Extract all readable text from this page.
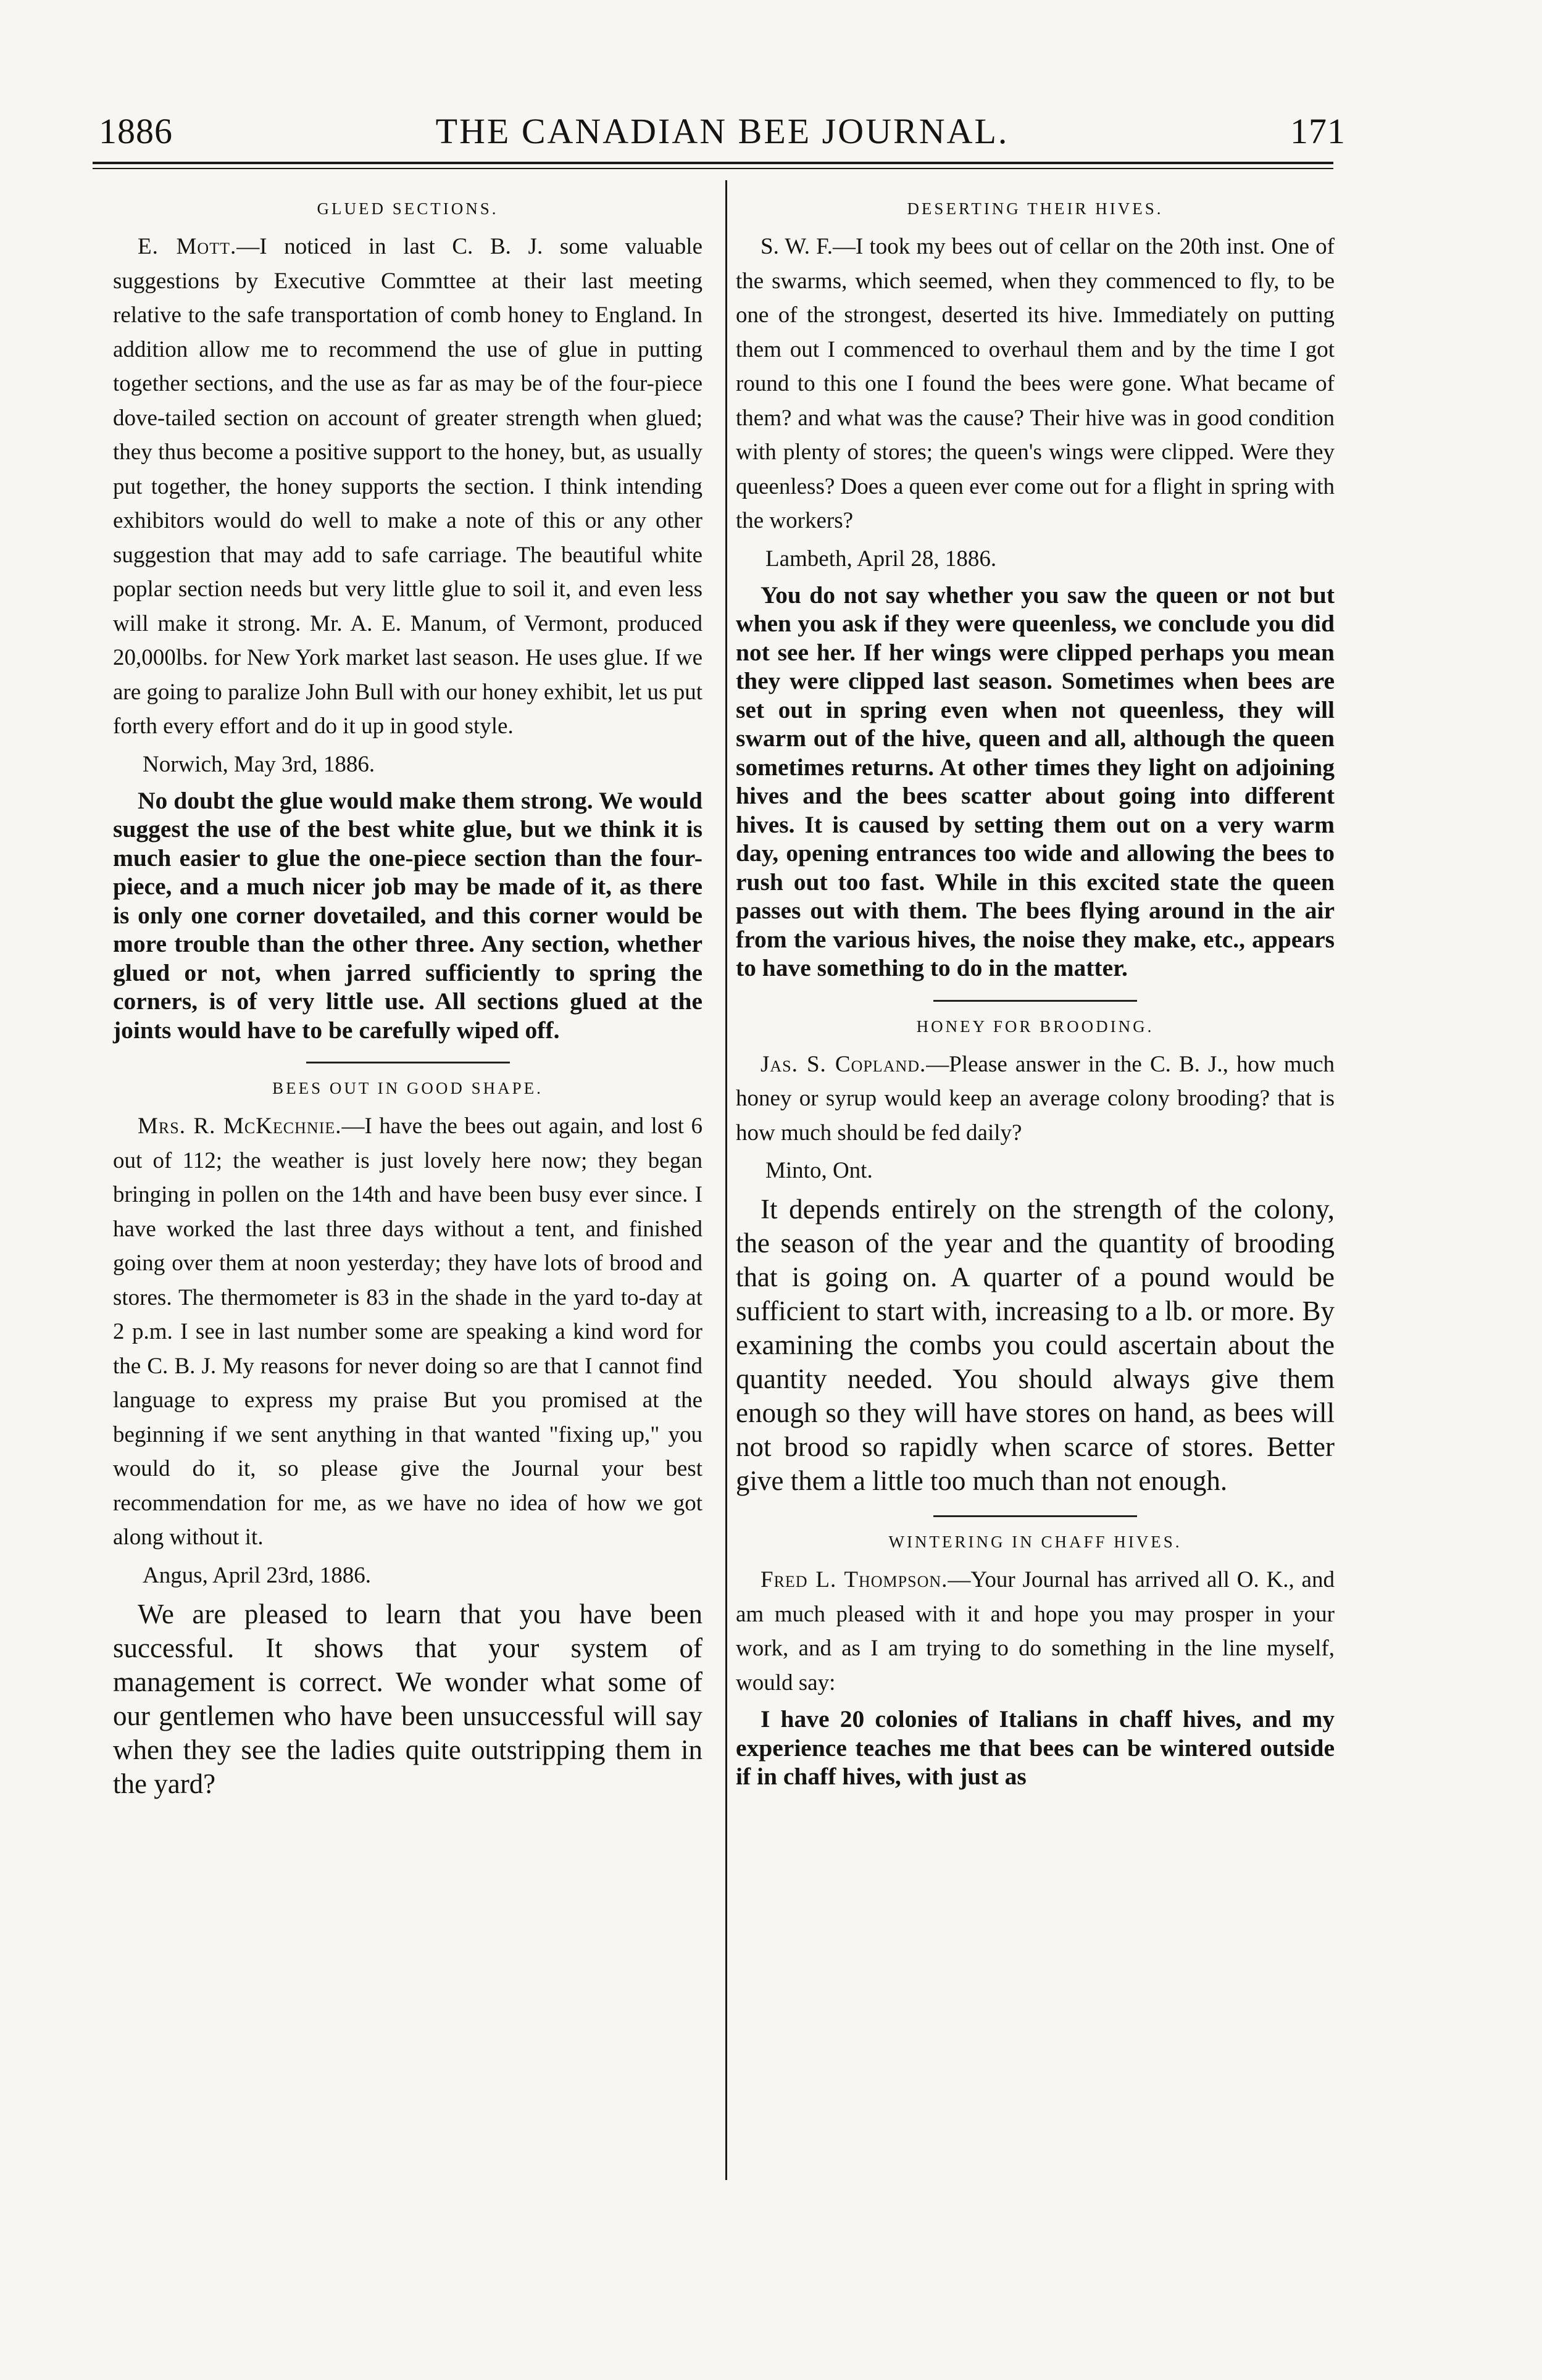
1886	THE CANADIAN BEE JOURNAL.	171
GLUED SECTIONS.

E. Mott.—I noticed in last C. B. J. some valuable suggestions by Executive Commttee at their last meeting relative to the safe transportation of comb honey to England. In addition allow me to recommend the use of glue in putting together sections, and the use as far as may be of the four-piece dove-tailed section on account of greater strength when glued; they thus become a positive support to the honey, but, as usually put together, the honey supports the section. I think intending exhibitors would do well to make a note of this or any other suggestion that may add to safe carriage. The beautiful white poplar section needs but very little glue to soil it, and even less will make it strong. Mr. A. E. Manum, of Vermont, produced 20,000lbs. for New York market last season. He uses glue. If we are going to paralize John Bull with our honey exhibit, let us put forth every effort and do it up in good style.

Norwich, May 3rd, 1886.

No doubt the glue would make them strong. We would suggest the use of the best white glue, but we think it is much easier to glue the one-piece section than the four-piece, and a much nicer job may be made of it, as there is only one corner dovetailed, and this corner would be more trouble than the other three. Any section, whether glued or not, when jarred sufficiently to spring the corners, is of very little use. All sections glued at the joints would have to be carefully wiped off.

BEES OUT IN GOOD SHAPE.

Mrs. R. McKechnie.—I have the bees out again, and lost 6 out of 112; the weather is just lovely here now; they began bringing in pollen on the 14th and have been busy ever since. I have worked the last three days without a tent, and finished going over them at noon yesterday; they have lots of brood and stores. The thermometer is 83 in the shade in the yard to-day at 2 p.m. I see in last number some are speaking a kind word for the C. B. J. My reasons for never doing so are that I cannot find language to express my praise But you promised at the beginning if we sent anything in that wanted "fixing up," you would do it, so please give the Journal your best recommendation for me, as we have no idea of how we got along without it.

Angus, April 23rd, 1886.

We are pleased to learn that you have been successful. It shows that your system of management is correct. We wonder what some of our gentlemen who have been unsuccessful will say when they see the ladies quite outstripping them in the yard?

DESERTING THEIR HIVES.

S. W. F.—I took my bees out of cellar on the 20th inst. One of the swarms, which seemed, when they commenced to fly, to be one of the strongest, deserted its hive. Immediately on putting them out I commenced to overhaul them and by the time I got round to this one I found the bees were gone. What became of them? and what was the cause? Their hive was in good condition with plenty of stores; the queen's wings were clipped. Were they queenless? Does a queen ever come out for a flight in spring with the workers?

Lambeth, April 28, 1886.

You do not say whether you saw the queen or not but when you ask if they were queenless, we conclude you did not see her. If her wings were clipped perhaps you mean they were clipped last season. Sometimes when bees are set out in spring even when not queenless, they will swarm out of the hive, queen and all, although the queen sometimes returns. At other times they light on adjoining hives and the bees scatter about going into different hives. It is caused by setting them out on a very warm day, opening entrances too wide and allowing the bees to rush out too fast. While in this excited state the queen passes out with them. The bees flying around in the air from the various hives, the noise they make, etc., appears to have something to do in the matter.

HONEY FOR BROODING.

Jas. S. Copland.—Please answer in the C. B. J., how much honey or syrup would keep an average colony brooding? that is how much should be fed daily?

Minto, Ont.

It depends entirely on the strength of the colony, the season of the year and the quantity of brooding that is going on. A quarter of a pound would be sufficient to start with, increasing to a lb. or more. By examining the combs you could ascertain about the quantity needed. You should always give them enough so they will have stores on hand, as bees will not brood so rapidly when scarce of stores. Better give them a little too much than not enough.

WINTERING IN CHAFF HIVES.

Fred L. Thompson.—Your Journal has arrived all O. K., and am much pleased with it and hope you may prosper in your work, and as I am trying to do something in the line myself, would say:

I have 20 colonies of Italians in chaff hives, and my experience teaches me that bees can be wintered outside if in chaff hives, with just as
